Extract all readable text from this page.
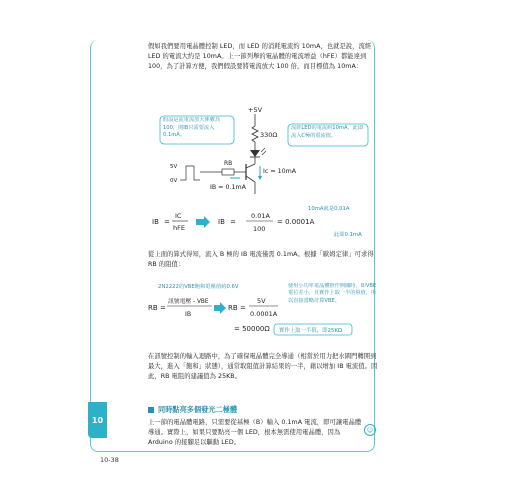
假如我們要用電晶體控制 LED，而 LED 的消耗電流約 10mA，也就是說，流經 LED 的電流大約是 10mA。上一節列舉的電晶體的電流增益（hFE）都能達到 100，為了計算方便，我們假設要將電流放大 100 倍，而目標值為 10mA：

+5V
330Ω
RB
5V
0V
Ic = 10mA
IB = 0.1mA
假設是流電流放大係數為100，則IB只需要流入0.1mA。
流經LED的電流約10mA，此即流入C極的電流值。
10mA就是0.01A
IB =
IC
hFE
IB =
0.01A
100
= 0.0001A
此即0.1mA

從上面的算式得知，流入 B 極的 IB 電流僅需 0.1mA。根據「歐姆定律」可求得 RB 的阻值：

2N2222的VBE飽和電壓值約0.6V
RB =
訊號電壓 - VBE
IB
RB =
5V
0.0001A
= 50000Ω
使用小功率電晶體推作開關時，即VBE電位差小，且實作上取一半的阻值，所以直接當略計算VBE。
實作上取一半值，即25KΩ

在訊號控制的輸入迴路中，為了確保電晶體完全導通（相當於用力把水閘門轉開到最大，進入「飽和」狀態），通常取阻值計算結果的一半，藉以增加 IB 電流值。因此，RB 電阻的建議值為 25KB。

同時點亮多個發光二極體

上一節的電晶體電路，只需要從基極（B）輸入 0.1mA 電流，即可讓電晶體導通。實際上，如果只要點亮一個 LED，根本無需使用電晶體，因為 Arduino 的接腳足以驅動 LED。

☺
10
10-38
